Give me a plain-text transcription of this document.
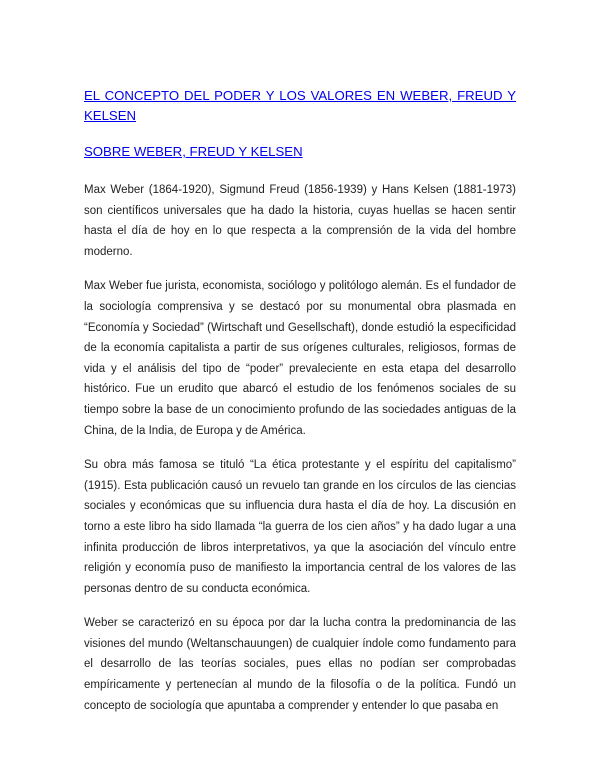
EL CONCEPTO DEL PODER Y LOS VALORES EN WEBER, FREUD Y KELSEN
SOBRE WEBER, FREUD Y KELSEN

Max Weber (1864-1920), Sigmund Freud (1856-1939) y Hans Kelsen (1881-1973) son científicos universales que ha dado la historia, cuyas huellas se hacen sentir hasta el día de hoy en lo que respecta a la comprensión de la vida del hombre moderno.

Max Weber fue jurista, economista, sociólogo y politólogo alemán. Es el fundador de la sociología comprensiva y se destacó por su monumental obra plasmada en “Economía y Sociedad” (Wirtschaft und Gesellschaft), donde estudió la especificidad de la economía capitalista a partir de sus orígenes culturales, religiosos, formas de vida y el análisis del tipo de “poder” prevaleciente en esta etapa del desarrollo histórico. Fue un erudito que abarcó el estudio de los fenómenos sociales de su tiempo sobre la base de un conocimiento profundo de las sociedades antiguas de la China, de la India, de Europa y de América.

Su obra más famosa se tituló “La ética protestante y el espíritu del capitalismo” (1915). Esta publicación causó un revuelo tan grande en los círculos de las ciencias sociales y económicas que su influencia dura hasta el día de hoy. La discusión en torno a este libro ha sido llamada “la guerra de los cien años” y ha dado lugar a una infinita producción de libros interpretativos, ya que la asociación del vínculo entre religión y economía puso de manifiesto la importancia central de los valores de las personas dentro de su conducta económica.

Weber se caracterizó en su época por dar la lucha contra la predominancia de las visiones del mundo (Weltanschauungen) de cualquier índole como fundamento para el desarrollo de las teorías sociales, pues ellas no podían ser comprobadas empíricamente y pertenecían al mundo de la filosofía o de la política. Fundó un concepto de sociología que apuntaba a comprender y entender lo que pasaba en
